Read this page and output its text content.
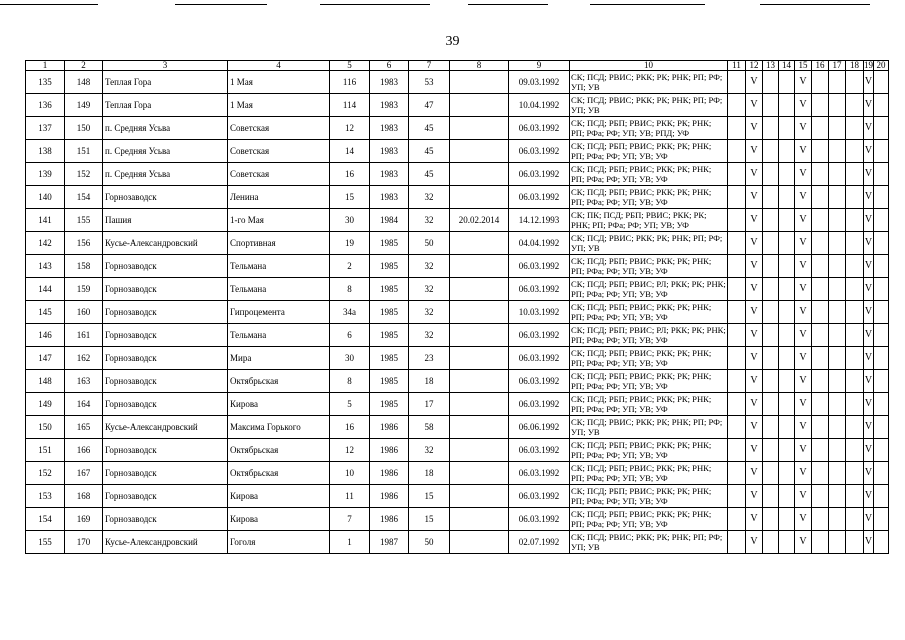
39
1	2	3	4	5	6	7	8	9	10	11	12	13	14	15	16	17	18	19	20
135	148	Теплая Гора	1 Мая	116	1983	53		09.03.1992	СК; ПСД; РВИС; РКК; РК; РНК; РП; РФ; УП; УВ		V			V				V	
136	149	Теплая Гора	1 Мая	114	1983	47		10.04.1992	СК; ПСД; РВИС; РКК; РК; РНК; РП; РФ; УП; УВ		V			V				V	
137	150	п. Средняя Усьва	Советская	12	1983	45		06.03.1992	СК; ПСД; РБП; РВИС; РКК; РК; РНК; РП; РФа; РФ; УП; УВ; РПД; УФ		V			V				V	
138	151	п. Средняя Усьва	Советская	14	1983	45		06.03.1992	СК; ПСД; РБП; РВИС; РКК; РК; РНК; РП; РФа; РФ; УП; УВ; УФ		V			V				V	
139	152	п. Средняя Усьва	Советская	16	1983	45		06.03.1992	СК; ПСД; РБП; РВИС; РКК; РК; РНК; РП; РФа; РФ; УП; УВ; УФ		V			V				V	
140	154	Горнозаводск	Ленина	15	1983	32		06.03.1992	СК; ПСД; РБП; РВИС; РКК; РК; РНК; РП; РФа; РФ; УП; УВ; УФ		V			V				V	
141	155	Пашия	1-го Мая	30	1984	32	20.02.2014	14.12.1993	СК; ПК; ПСД; РБП; РВИС; РКК; РК; РНК; РП; РФа; РФ; УП; УВ; УФ		V			V				V	
142	156	Кусье-Александровский	Спортивная	19	1985	50		04.04.1992	СК; ПСД; РВИС; РКК; РК; РНК; РП; РФ; УП; УВ		V			V				V	
143	158	Горнозаводск	Тельмана	2	1985	32		06.03.1992	СК; ПСД; РБП; РВИС; РКК; РК; РНК; РП; РФа; РФ; УП; УВ; УФ		V			V				V	
144	159	Горнозаводск	Тельмана	8	1985	32		06.03.1992	СК; ПСД; РБП; РВИС; РЛ; РКК; РК; РНК; РП; РФа; РФ; УП; УВ; УФ		V			V				V	
145	160	Горнозаводск	Гипроцемента	34а	1985	32		10.03.1992	СК; ПСД; РБП; РВИС; РКК; РК; РНК; РП; РФа; РФ; УП; УВ; УФ		V			V				V	
146	161	Горнозаводск	Тельмана	6	1985	32		06.03.1992	СК; ПСД; РБП; РВИС; РЛ; РКК; РК; РНК; РП; РФа; РФ; УП; УВ; УФ		V			V				V	
147	162	Горнозаводск	Мира	30	1985	23		06.03.1992	СК; ПСД; РБП; РВИС; РКК; РК; РНК; РП; РФа; РФ; УП; УВ; УФ		V			V				V	
148	163	Горнозаводск	Октябрьская	8	1985	18		06.03.1992	СК; ПСД; РБП; РВИС; РКК; РК; РНК; РП; РФа; РФ; УП; УВ; УФ		V			V				V	
149	164	Горнозаводск	Кирова	5	1985	17		06.03.1992	СК; ПСД; РБП; РВИС; РКК; РК; РНК; РП; РФа; РФ; УП; УВ; УФ		V			V				V	
150	165	Кусье-Александровский	Максима Горького	16	1986	58		06.06.1992	СК; ПСД; РВИС; РКК; РК; РНК; РП; РФ; УП; УВ		V			V				V	
151	166	Горнозаводск	Октябрьская	12	1986	32		06.03.1992	СК; ПСД; РБП; РВИС; РКК; РК; РНК; РП; РФа; РФ; УП; УВ; УФ		V			V				V	
152	167	Горнозаводск	Октябрьская	10	1986	18		06.03.1992	СК; ПСД; РБП; РВИС; РКК; РК; РНК; РП; РФа; РФ; УП; УВ; УФ		V			V				V	
153	168	Горнозаводск	Кирова	11	1986	15		06.03.1992	СК; ПСД; РБП; РВИС; РКК; РК; РНК; РП; РФа; РФ; УП; УВ; УФ		V			V				V	
154	169	Горнозаводск	Кирова	7	1986	15		06.03.1992	СК; ПСД; РБП; РВИС; РКК; РК; РНК; РП; РФа; РФ; УП; УВ; УФ		V			V				V	
155	170	Кусье-Александровский	Гоголя	1	1987	50		02.07.1992	СК; ПСД; РВИС; РКК; РК; РНК; РП; РФ; УП; УВ		V			V				V	
